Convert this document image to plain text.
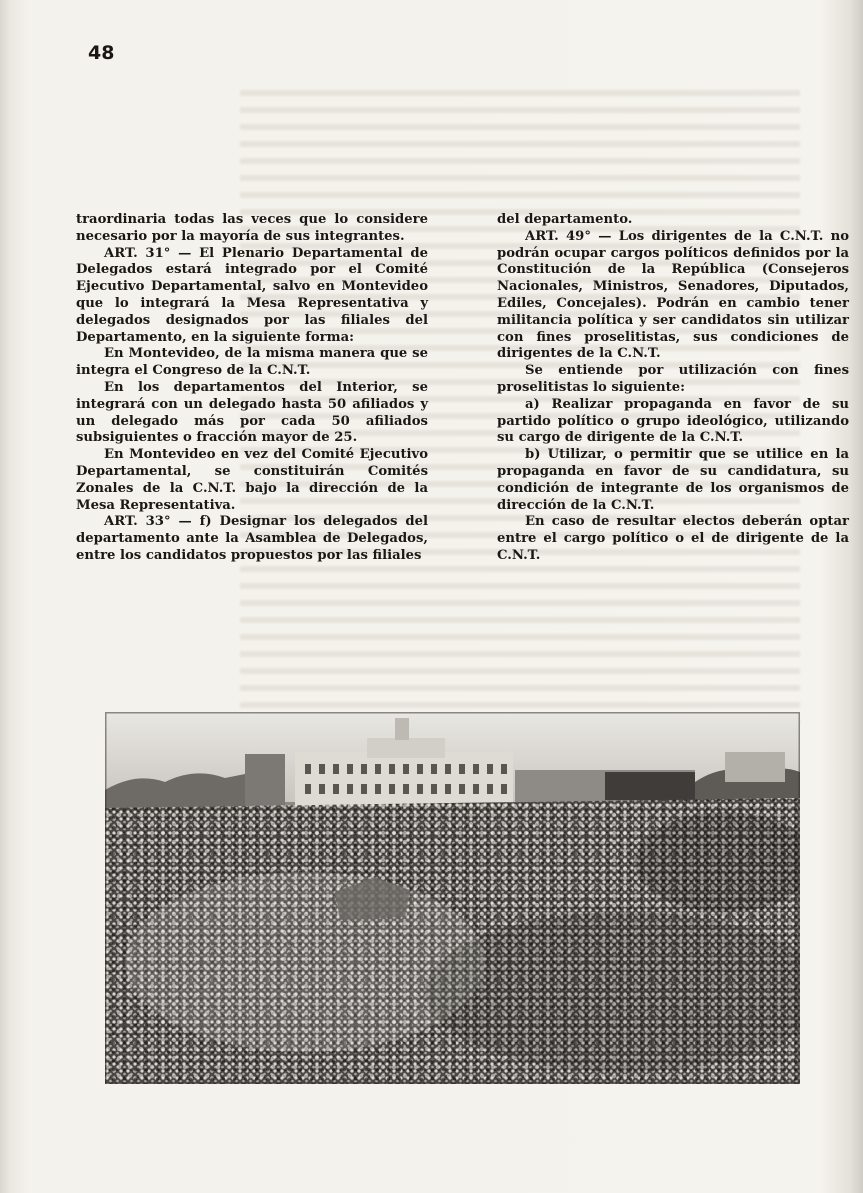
48

traordinaria todas las veces que lo considere necesario por la mayoría de sus integrantes.

ART. 31° — El Plenario Departamental de Delegados estará integrado por el Comité Ejecutivo Departamental, salvo en Montevideo que lo integrará la Mesa Representativa y delegados designados por las filiales del Departamento, en la siguiente forma:

En Montevideo, de la misma manera que se integra el Congreso de la C.N.T.

En los departamentos del Interior, se integrará con un delegado hasta 50 afiliados y un delegado más por cada 50 afiliados subsiguientes o fracción mayor de 25.

En Montevideo en vez del Comité Ejecutivo Departamental, se constituirán Comités Zonales de la C.N.T. bajo la dirección de la Mesa Representativa.

ART. 33° — f) Designar los delegados del departamento ante la Asamblea de Delegados, entre los candidatos propuestos por las filiales

del departamento.

ART. 49° — Los dirigentes de la C.N.T. no podrán ocupar cargos políticos definidos por la Constitución de la República (Consejeros Nacionales, Ministros, Senadores, Diputados, Ediles, Concejales). Podrán en cambio tener militancia política y ser candidatos sin utilizar con fines proselitistas, sus condiciones de dirigentes de la C.N.T.

Se entiende por utilización con fines proselitistas lo siguiente:

a) Realizar propaganda en favor de su partido político o grupo ideológico, utilizando su cargo de dirigente de la C.N.T.

b) Utilizar, o permitir que se utilice en la propaganda en favor de su candidatura, su condición de integrante de los organismos de dirección de la C.N.T.

En caso de resultar electos deberán optar entre el cargo político o el de dirigente de la C.N.T.
